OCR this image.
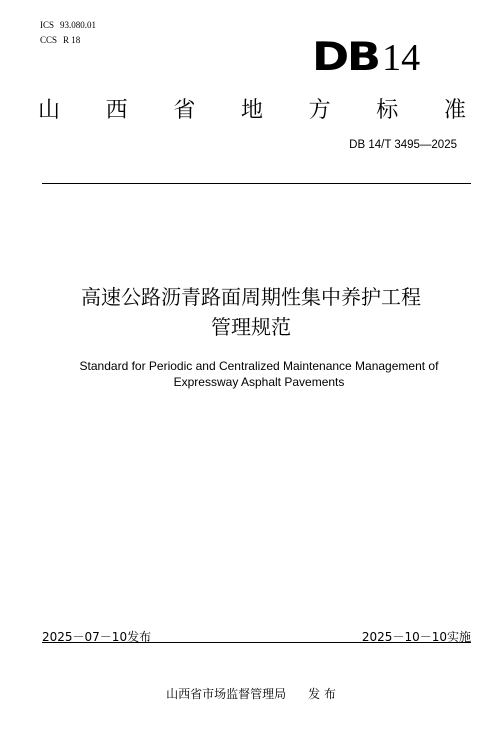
ICS 93.080.01
CCS R 18	DB14
山 西 省 地 方 标 准
DB 14/T 3495—2025
高速公路沥青路面周期性集中养护工程
管理规范
Standard for Periodic and Centralized Maintenance Management of
Expressway Asphalt Pavements
2025－07－10发布	2025－10－10实施
山西省市场监督管理局 发 布
